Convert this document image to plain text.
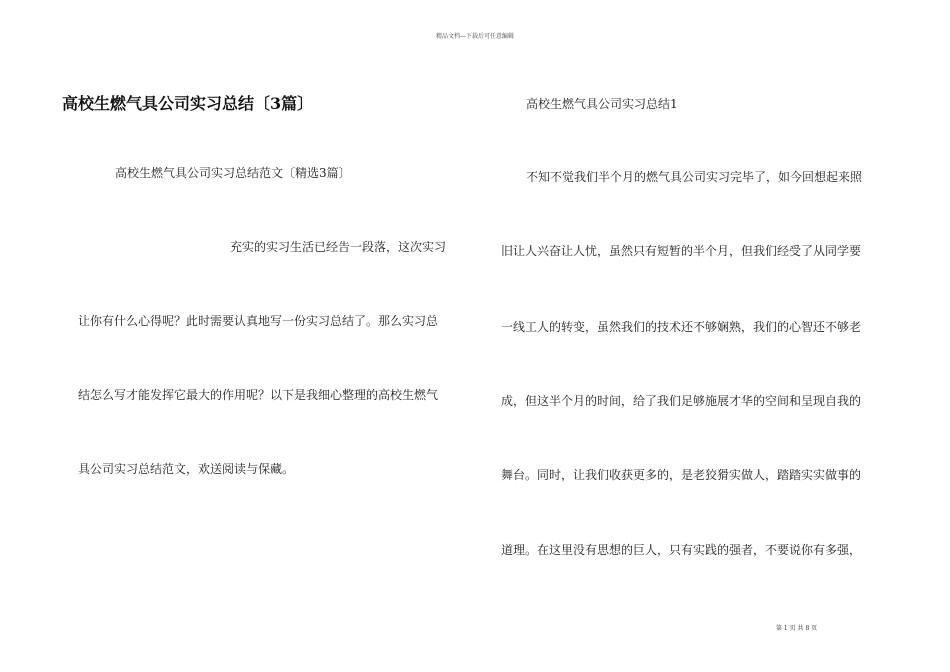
精品文档---下载后可任意编辑
高校生燃气具公司实习总结〔3篇〕
高校生燃气具公司实习总结范文〔精选3篇〕
充实的实习生活已经告一段落，这次实习
让你有什么心得呢？此时需要认真地写一份实习总结了。那么实习总
结怎么写才能发挥它最大的作用呢？以下是我细心整理的高校生燃气
具公司实习总结范文，欢送阅读与保藏。
高校生燃气具公司实习总结1
不知不觉我们半个月的燃气具公司实习完毕了，如今回想起来照
旧让人兴奋让人忧，虽然只有短暂的半个月，但我们经受了从同学要
一线工人的转变，虽然我们的技术还不够娴熟，我们的心智还不够老
成，但这半个月的时间，给了我们足够施展才华的空间和呈现自我的
舞台。同时，让我们收获更多的，是老狡猾实做人，踏踏实实做事的
道理。在这里没有思想的巨人，只有实践的强者，不要说你有多强，
第 1 页 共 8 页
